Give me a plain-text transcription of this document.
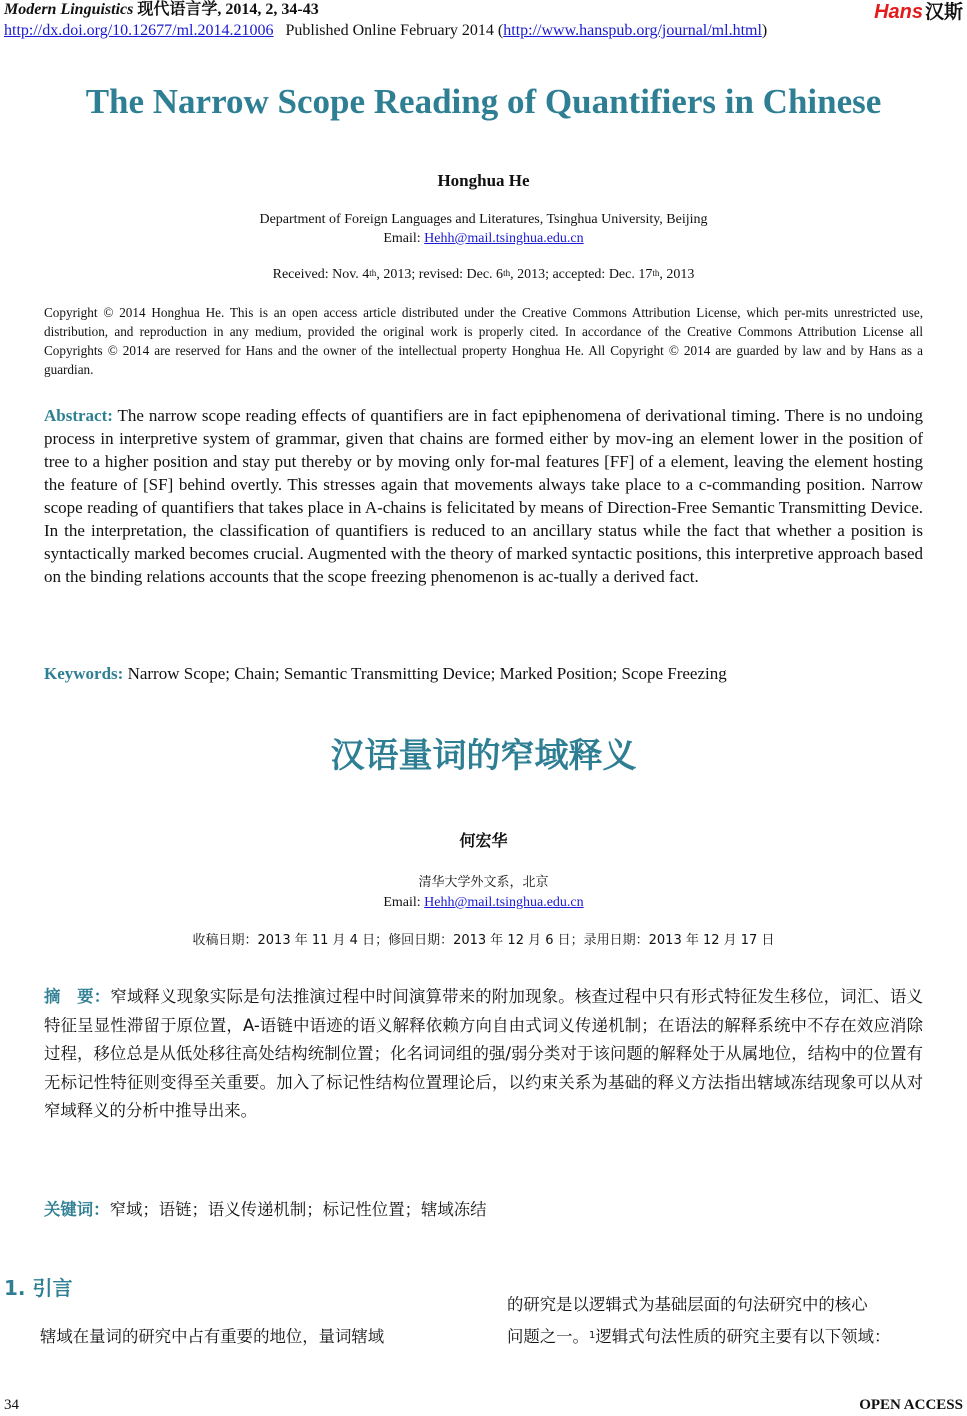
Modern Linguistics 现代语言学, 2014, 2, 34-43
http://dx.doi.org/10.12677/ml.2014.21006 Published Online February 2014 (http://www.hanspub.org/journal/ml.html)
Hans 汉斯
The Narrow Scope Reading of Quantifiers in Chinese
Honghua He
Department of Foreign Languages and Literatures, Tsinghua University, Beijing
Email: Hehh@mail.tsinghua.edu.cn
Received: Nov. 4th, 2013; revised: Dec. 6th, 2013; accepted: Dec. 17th, 2013
Copyright © 2014 Honghua He. This is an open access article distributed under the Creative Commons Attribution License, which per-mits unrestricted use, distribution, and reproduction in any medium, provided the original work is properly cited. In accordance of the Creative Commons Attribution License all Copyrights © 2014 are reserved for Hans and the owner of the intellectual property Honghua He. All Copyright © 2014 are guarded by law and by Hans as a guardian.
Abstract: The narrow scope reading effects of quantifiers are in fact epiphenomena of derivational timing. There is no undoing process in interpretive system of grammar, given that chains are formed either by mov-ing an element lower in the position of tree to a higher position and stay put thereby or by moving only for-mal features [FF] of a element, leaving the element hosting the feature of [SF] behind overtly. This stresses again that movements always take place to a c-commanding position. Narrow scope reading of quantifiers that takes place in A-chains is felicitated by means of Direction-Free Semantic Transmitting Device. In the interpretation, the classification of quantifiers is reduced to an ancillary status while the fact that whether a position is syntactically marked becomes crucial. Augmented with the theory of marked syntactic positions, this interpretive approach based on the binding relations accounts that the scope freezing phenomenon is ac-tually a derived fact.
Keywords: Narrow Scope; Chain; Semantic Transmitting Device; Marked Position; Scope Freezing
汉语量词的窄域释义
何宏华
清华大学外文系，北京
Email: Hehh@mail.tsinghua.edu.cn
收稿日期：2013 年 11 月 4 日；修回日期：2013 年 12 月 6 日；录用日期：2013 年 12 月 17 日
摘　要：窄域释义现象实际是句法推演过程中时间演算带来的附加现象。核查过程中只有形式特征发生移位，词汇、语义特征呈显性滞留于原位置，A-语链中语迹的语义解释依赖方向自由式词义传递机制；在语法的解释系统中不存在效应消除过程，移位总是从低处移往高处结构统制位置；化名词词组的强/弱分类对于该问题的解释处于从属地位，结构中的位置有无标记性特征则变得至关重要。加入了标记性结构位置理论后，以约束关系为基础的释义方法指出辖域冻结现象可以从对窄域释义的分析中推导出来。
关键词：窄域；语链；语义传递机制；标记性位置；辖域冻结
1. 引言
辖域在量词的研究中占有重要的地位，量词辖域
的研究是以逻辑式为基础层面的句法研究中的核心
问题之一。$^1$逻辑式句法性质的研究主要有以下领域：
34	OPEN ACCESS
